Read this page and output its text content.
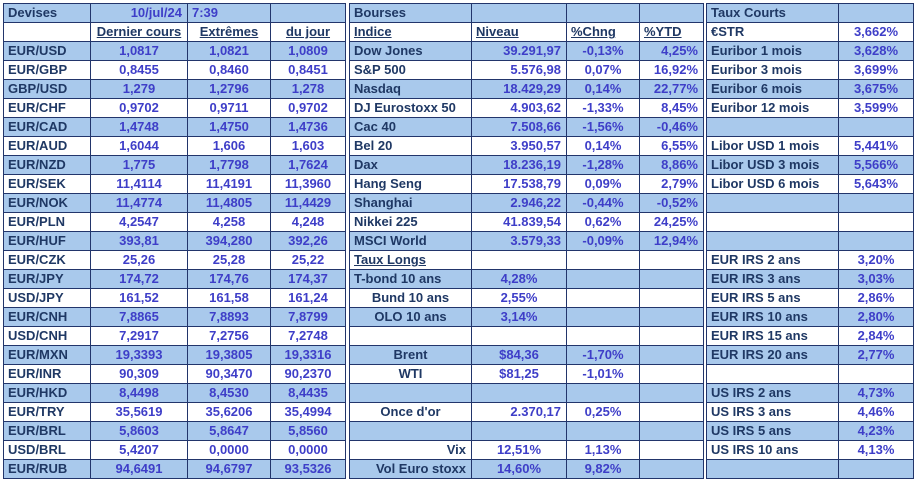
Devises	10/jul/24	7:39	
	Dernier cours	Extrêmes	du jour
EUR/USD	1,0817	1,0821	1,0809
EUR/GBP	0,8455	0,8460	0,8451
GBP/USD	1,279	1,2796	1,278
EUR/CHF	0,9702	0,9711	0,9702
EUR/CAD	1,4748	1,4750	1,4736
EUR/AUD	1,6044	1,606	1,603
EUR/NZD	1,775	1,7798	1,7624
EUR/SEK	11,4114	11,4191	11,3960
EUR/NOK	11,4774	11,4805	11,4429
EUR/PLN	4,2547	4,258	4,248
EUR/HUF	393,81	394,280	392,26
EUR/CZK	25,26	25,28	25,22
EUR/JPY	174,72	174,76	174,37
USD/JPY	161,52	161,58	161,24
EUR/CNH	7,8865	7,8893	7,8799
USD/CNH	7,2917	7,2756	7,2748
EUR/MXN	19,3393	19,3805	19,3316
EUR/INR	90,309	90,3470	90,2370
EUR/HKD	8,4498	8,4530	8,4435
EUR/TRY	35,5619	35,6206	35,4994
EUR/BRL	5,8603	5,8647	5,8560
USD/BRL	5,4207	0,0000	0,0000
EUR/RUB	94,6491	94,6797	93,5326
Bourses			
Indice	Niveau	%Chng	%YTD
Dow Jones	39.291,97	-0,13%	4,25%
S&P 500	5.576,98	0,07%	16,92%
Nasdaq	18.429,29	0,14%	22,77%
DJ Eurostoxx 50	4.903,62	-1,33%	8,45%
Cac 40	7.508,66	-1,56%	-0,46%
Bel 20	3.950,57	0,14%	6,55%
Dax	18.236,19	-1,28%	8,86%
Hang Seng	17.538,79	0,09%	2,79%
Shanghai	2.946,22	-0,44%	-0,52%
Nikkei 225	41.839,54	0,62%	24,25%
MSCI World	3.579,33	-0,09%	12,94%
Taux Longs			
T-bond 10 ans	4,28%		
Bund 10 ans	2,55%		
OLO 10 ans	3,14%		

Brent	$84,36	-1,70%	
WTI	$81,25	-1,01%	

Once d'or	2.370,17	0,25%	

Vix	12,51%	1,13%	
Vol Euro stoxx	14,60%	9,82%	
Taux Courts	
€STR	3,662%
Euribor 1 mois	3,628%
Euribor 3 mois	3,699%
Euribor 6 mois	3,675%
Euribor 12 mois	3,599%

Libor USD 1 mois	5,441%
Libor USD 3 mois	5,566%
Libor USD 6 mois	5,643%

EUR IRS 2 ans	3,20%
EUR IRS 3 ans	3,03%
EUR IRS 5 ans	2,86%
EUR IRS 10 ans	2,80%
EUR IRS 15 ans	2,84%
EUR IRS 20 ans	2,77%

US IRS 2 ans	4,73%
US IRS 3 ans	4,46%
US IRS 5 ans	4,23%
US IRS 10 ans	4,13%
